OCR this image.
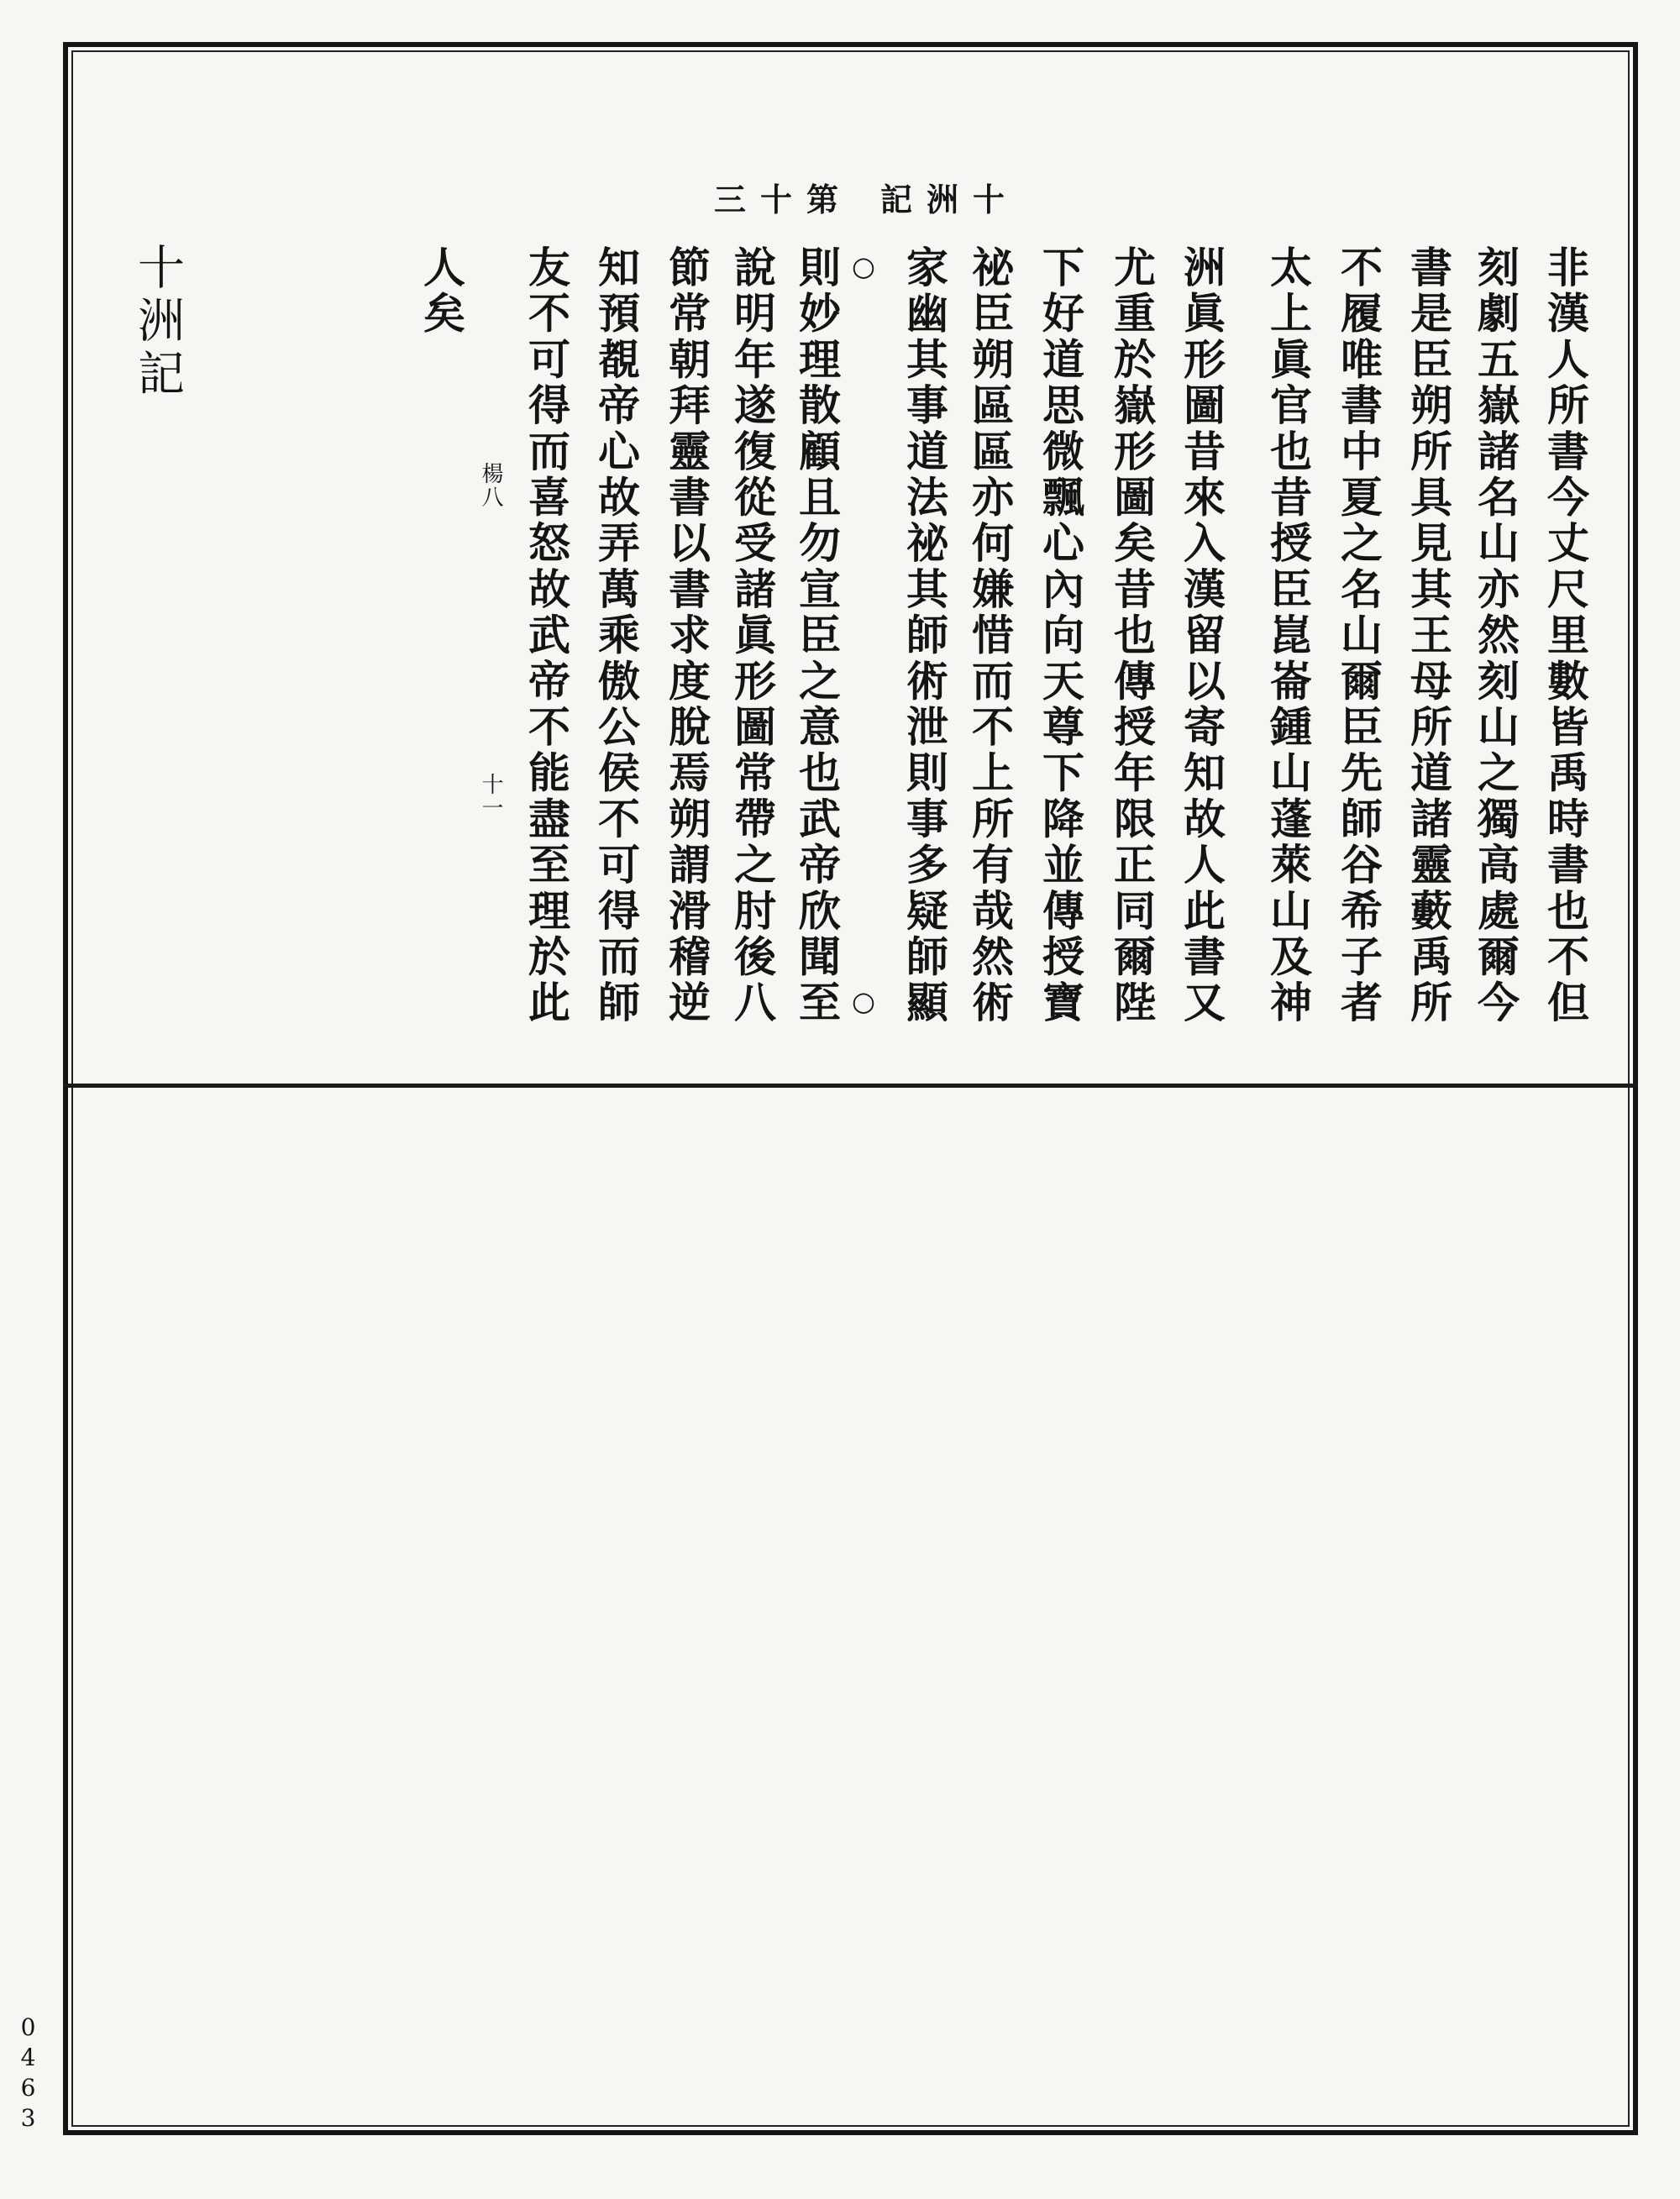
十洲記
第十三
非漢人所書今丈尺里數皆禹時書也不但
刻劇五嶽諸名山亦然刻山之獨高處爾今
書是臣朔所具見其王母所道諸靈藪禹所
不履唯書中夏之名山爾臣先師谷希子者
太上眞官也昔授臣崑崙鍾山蓬萊山及神
洲眞形圖昔來入漢留以寄知故人此書又
尤重於嶽形圖矣昔也傳授年限正同爾陛
下好道思微飄心內向天尊下降並傳授寶
祕臣朔區區亦何嫌惜而不上所有哉然術
家幽其事道法祕其師術泄則事多疑師顯
○
○
則妙理散顧且勿宣臣之意也武帝欣聞至
說明年遂復從受諸眞形圖常帶之肘後八
節常朝拜靈書以書求度脫焉朔謂滑稽逆
知預覩帝心故弄萬乘傲公侯不可得而師
友不可得而喜怒故武帝不能盡至理於此
楊八
十一
人矣
十洲記
0463
